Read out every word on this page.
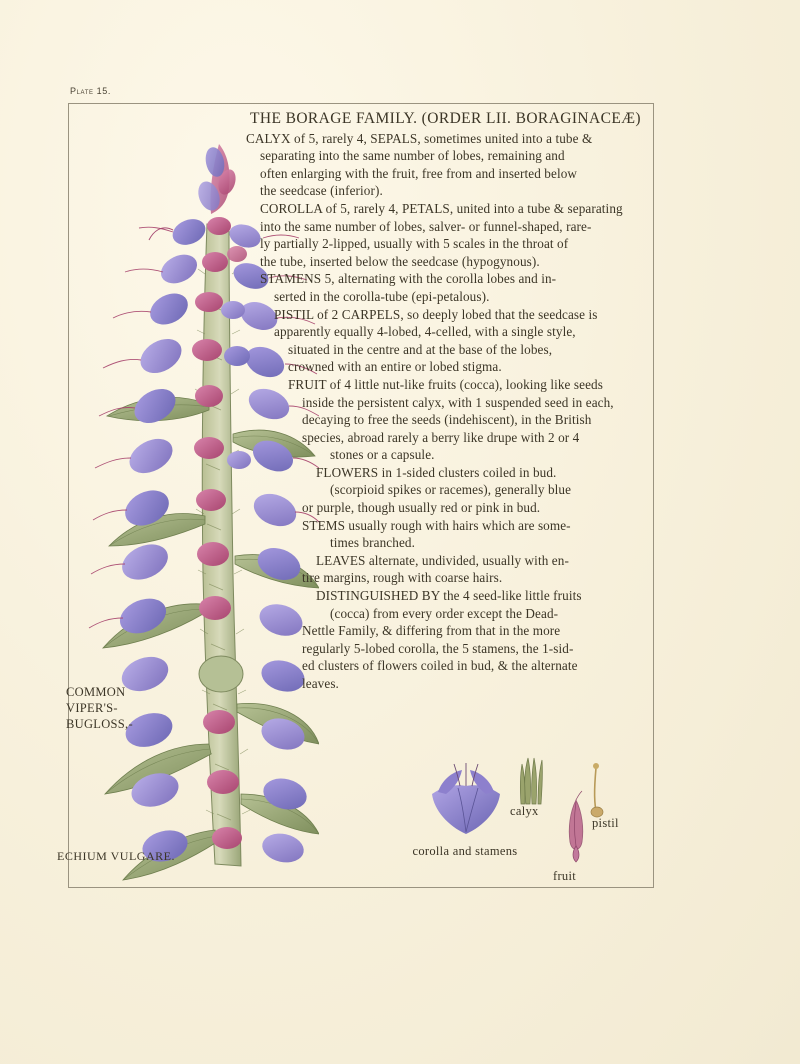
Plate 15.
COMMON VIPER'S-BUGLOSS,-
ECHIUM VULGARE.	corolla and stamens
calyx
pistil
fruit
THE BORAGE FAMILY. (ORDER LII. BORAGINACEÆ)

CALYX of 5, rarely 4, SEPALS, sometimes united into a tube &

separating into the same number of lobes, remaining and

often enlarging with the fruit, free from and inserted below

the seedcase (inferior).

COROLLA of 5, rarely 4, PETALS, united into a tube & separating

into the same number of lobes, salver- or funnel-shaped, rare-

ly partially 2-lipped, usually with 5 scales in the throat of

the tube, inserted below the seedcase (hypogynous).

STAMENS 5, alternating with the corolla lobes and in-

serted in the corolla-tube (epi-petalous).

PISTIL of 2 CARPELS, so deeply lobed that the seedcase is

apparently equally 4-lobed, 4-celled, with a single style,

situated in the centre and at the base of the lobes,

crowned with an entire or lobed stigma.

FRUIT of 4 little nut-like fruits (cocca), looking like seeds

inside the persistent calyx, with 1 suspended seed in each,

decaying to free the seeds (indehiscent), in the British

species, abroad rarely a berry like drupe with 2 or 4

stones or a capsule.

FLOWERS in 1-sided clusters coiled in bud.

(scorpioid spikes or racemes), generally blue

or purple, though usually red or pink in bud.

STEMS usually rough with hairs which are some-

times branched.

LEAVES alternate, undivided, usually with en-

tire margins, rough with coarse hairs.

DISTINGUISHED BY the 4 seed-like little fruits

(cocca) from every order except the Dead-

Nettle Family, & differing from that in the more

regularly 5-lobed corolla, the 5 stamens, the 1-sid-

ed clusters of flowers coiled in bud, & the alternate

leaves.
